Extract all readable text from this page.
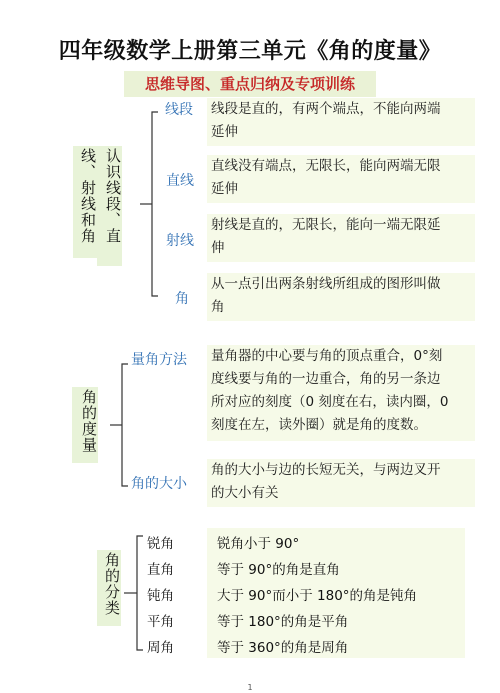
四年级数学上册第三单元《角的度量》
思维导图、重点归纳及专项训练
线、射线和角 认识线段、直
线段 线段是直的，有两个端点，不能向两端
延伸
直线
直线没有端点，无限长，能向两端无限
延伸
射线
射线是直的，无限长，能向一端无限延
伸
角
从一点引出两条射线所组成的图形叫做
角
角的度量
量角方法 量角器的中心要与角的顶点重合，0°刻
度线要与角的一边重合，角的另一条边
所对应的刻度（0 刻度在右，读内圈，0
刻度在左，读外圈）就是角的度数。
角的大小
角的大小与边的长短无关，与两边叉开
的大小有关
角的分类
锐角	锐角小于 90°
直角	等于 90°的角是直角
钝角	大于 90°而小于 180°的角是钝角
平角	等于 180°的角是平角
周角	等于 360°的角是周角
1
